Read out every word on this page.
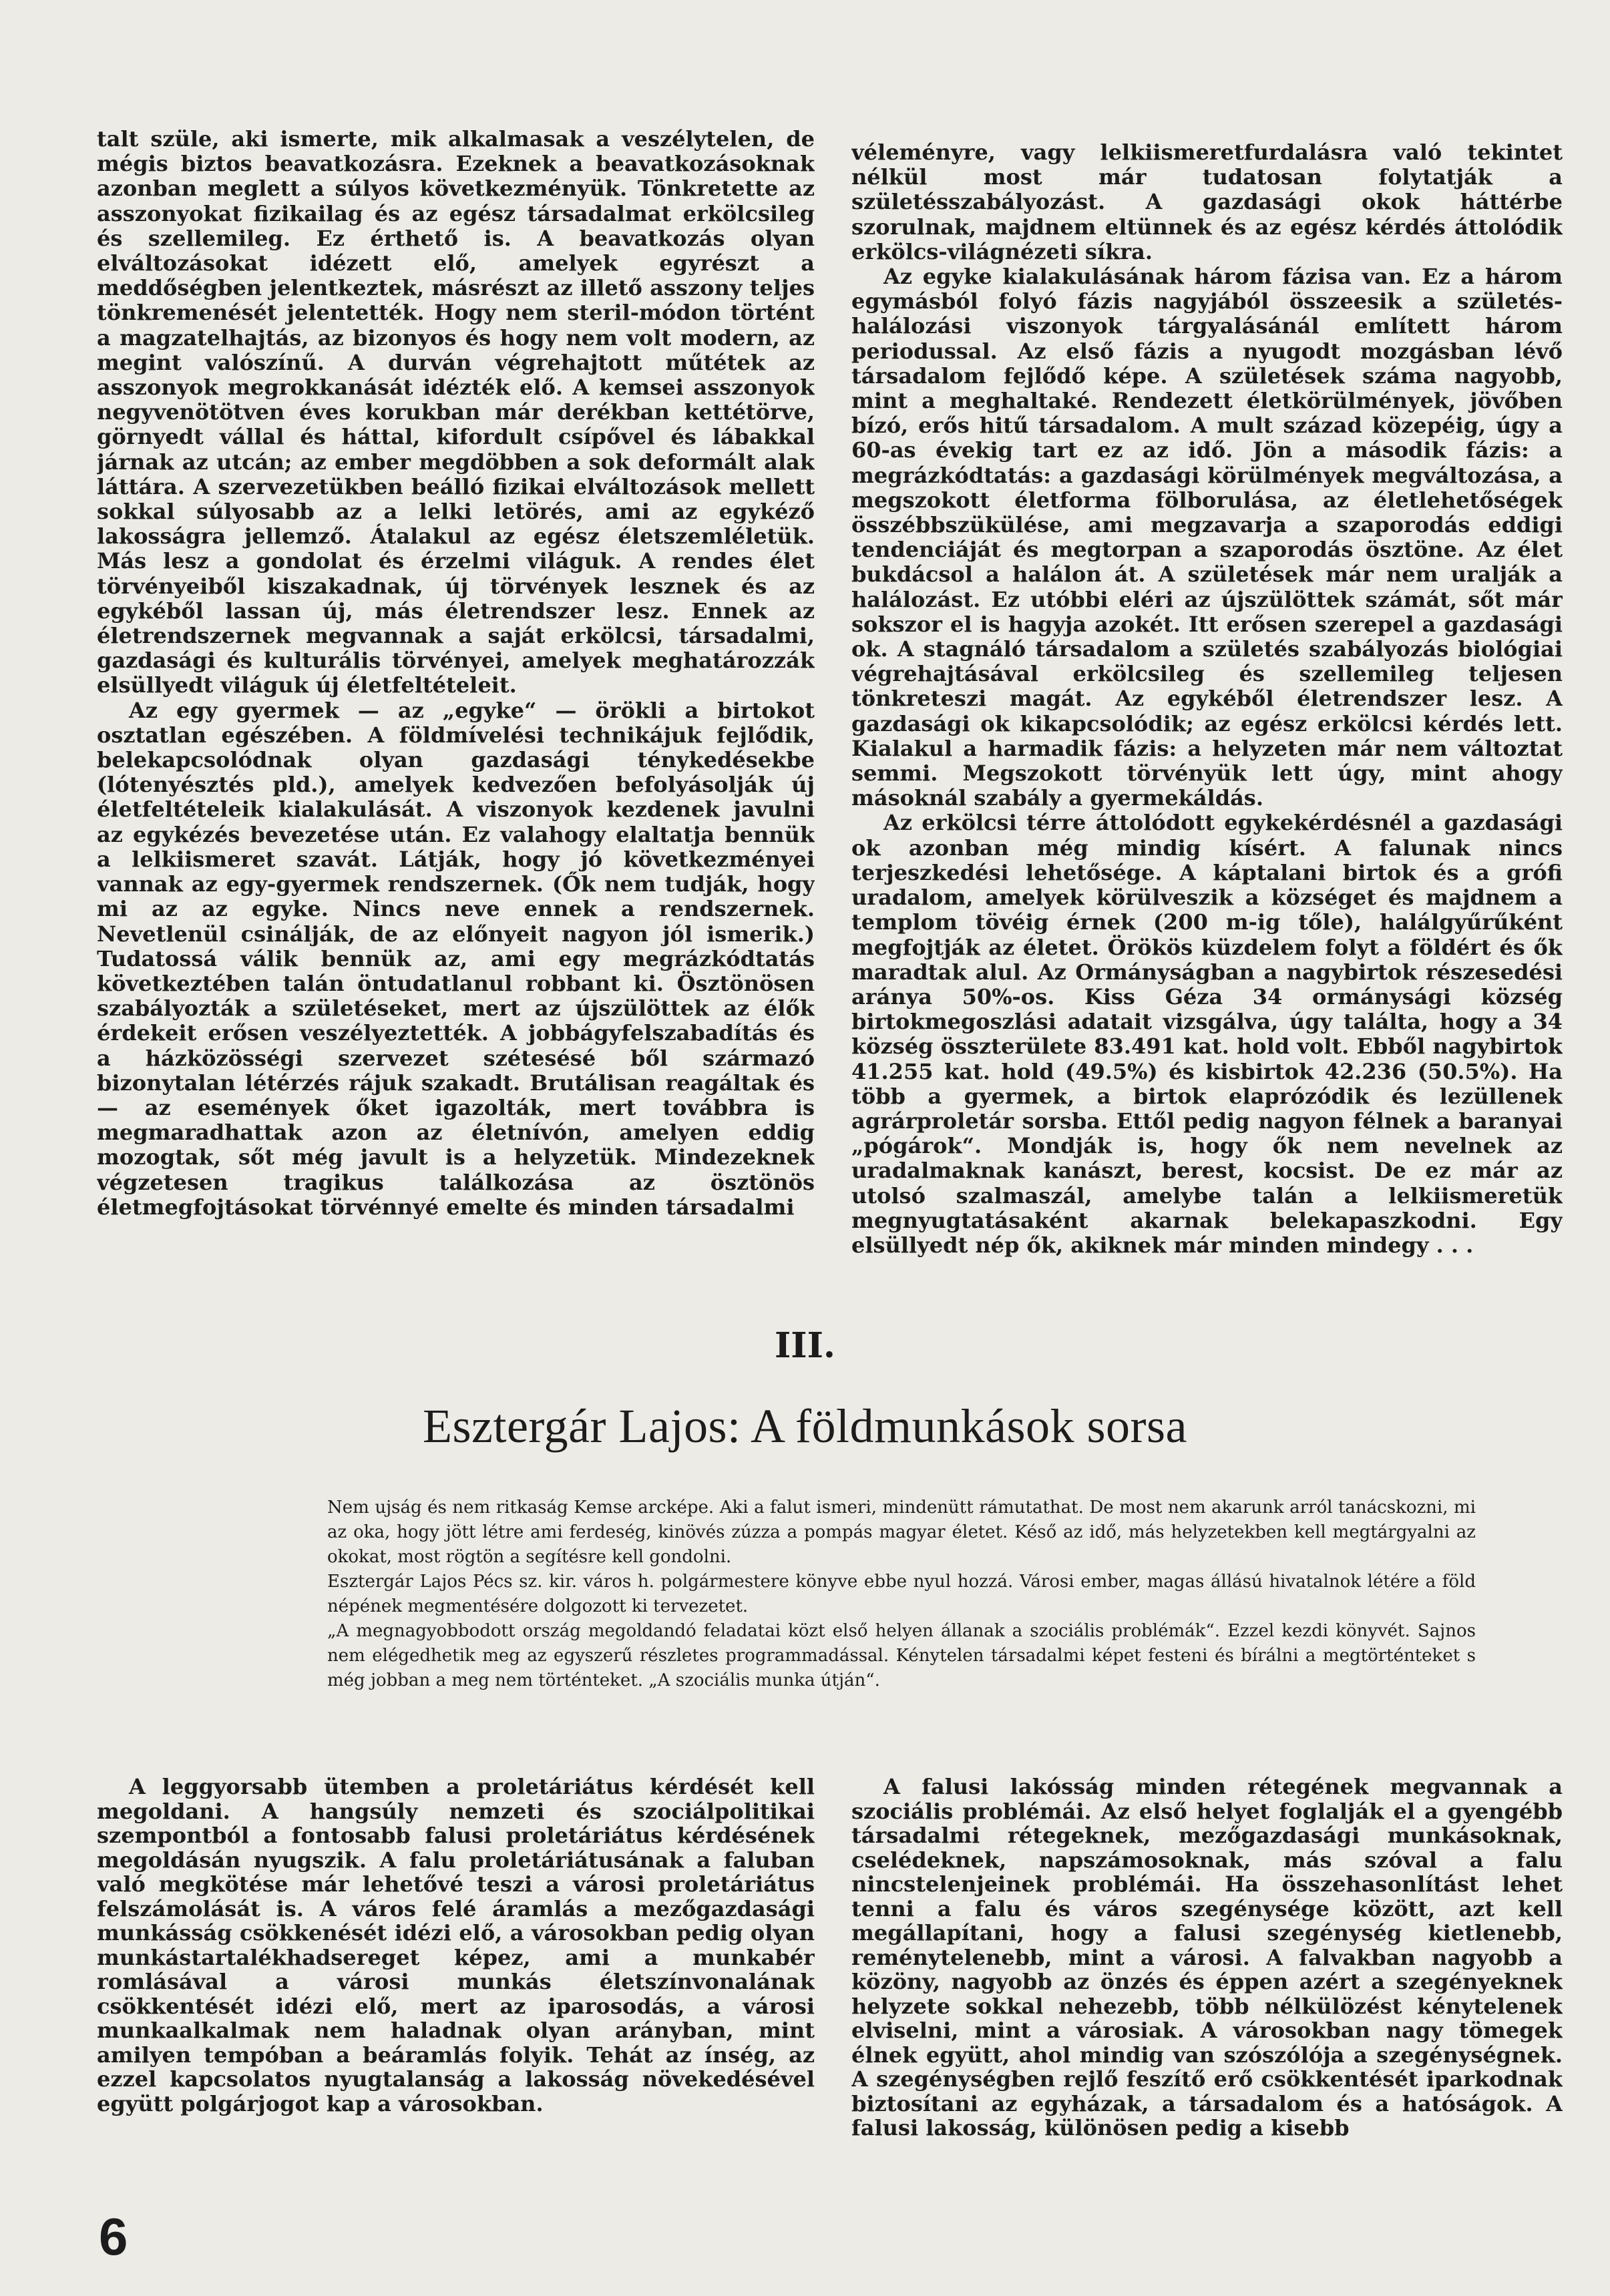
talt szüle, aki ismerte, mik alkalmasak a veszélytelen, de mégis biztos beavatkozásra. Ezeknek a beavatkozásoknak azonban meglett a súlyos következményük. Tönkretette az asszonyokat fizikailag és az egész társadalmat erkölcsileg és szellemileg. Ez érthető is. A beavatkozás olyan elváltozásokat idézett elő, amelyek egyrészt a meddőségben jelentkeztek, másrészt az illető asszony teljes tönkremenését jelentették. Hogy nem steril-módon történt a magzatelhajtás, az bizonyos és hogy nem volt modern, az megint valószínű. A durván végrehajtott műtétek az asszonyok megrokkanását idézték elő. A kemsei asszonyok negyvenötötven éves korukban már derékban kettétörve, görnyedt vállal és háttal, kifordult csípővel és lábakkal járnak az utcán; az ember megdöbben a sok deformált alak láttára. A szervezetükben beálló fizikai elváltozások mellett sokkal súlyosabb az a lelki letörés, ami az egykéző lakosságra jellemző. Átalakul az egész életszemléletük. Más lesz a gondolat és érzelmi világuk. A rendes élet törvényeiből kiszakadnak, új törvények lesznek és az egykéből lassan új, más életrendszer lesz. Ennek az életrendszernek megvannak a saját erkölcsi, társadalmi, gazdasági és kulturális törvényei, amelyek meghatározzák elsüllyedt világuk új életfeltételeit.

Az egy gyermek — az „egyke“ — örökli a birtokot osztatlan egészében. A földmívelési technikájuk fejlődik, belekapcsolódnak olyan gazdasági ténykedésekbe (lótenyésztés pld.), amelyek kedvezően befolyásolják új életfeltételeik kialakulását. A viszonyok kezdenek javulni az egykézés bevezetése után. Ez valahogy elaltatja bennük a lelkiismeret szavát. Látják, hogy jó következményei vannak az egy-gyermek rendszernek. (Ők nem tudják, hogy mi az az egyke. Nincs neve ennek a rendszernek. Nevetlenül csinálják, de az előnyeit nagyon jól ismerik.) Tudatossá válik bennük az, ami egy megrázkódtatás következtében talán öntudatlanul robbant ki. Ösztönösen szabályozták a születéseket, mert az újszülöttek az élők érdekeit erősen veszélyeztették. A jobbágyfelszabadítás és a házközösségi szervezet szétesésé ből származó bizonytalan létérzés rájuk szakadt. Brutálisan reagáltak és — az események őket igazolták, mert továbbra is megmaradhattak azon az életnívón, amelyen eddig mozogtak, sőt még javult is a helyzetük. Mindezeknek végzetesen tragikus találkozása az ösztönös életmegfojtásokat törvénnyé emelte és minden társadalmi

véleményre, vagy lelkiismeretfurdalásra való tekintet nélkül most már tudatosan folytatják a születésszabályozást. A gazdasági okok háttérbe szorulnak, majdnem eltünnek és az egész kérdés áttolódik erkölcs-világnézeti síkra.

Az egyke kialakulásának három fázisa van. Ez a három egymásból folyó fázis nagyjából összeesik a születés-halálozási viszonyok tárgyalásánál említett három periodussal. Az első fázis a nyugodt mozgásban lévő társadalom fejlődő képe. A születések száma nagyobb, mint a meghaltaké. Rendezett életkörülmények, jövőben bízó, erős hitű társadalom. A mult század közepéig, úgy a 60-as évekig tart ez az idő. Jön a második fázis: a megrázkódtatás: a gazdasági körülmények megváltozása, a megszokott életforma fölborulása, az életlehetőségek összébbszükülése, ami megzavarja a szaporodás eddigi tendenciáját és megtorpan a szaporodás ösztöne. Az élet bukdácsol a halálon át. A születések már nem uralják a halálozást. Ez utóbbi eléri az újszülöttek számát, sőt már sokszor el is hagyja azokét. Itt erősen szerepel a gazdasági ok. A stagnáló társadalom a születés szabályozás biológiai végrehajtásával erkölcsileg és szellemileg teljesen tönkreteszi magát. Az egykéből életrendszer lesz. A gazdasági ok kikapcsolódik; az egész erkölcsi kérdés lett. Kialakul a harmadik fázis: a helyzeten már nem változtat semmi. Megszokott törvényük lett úgy, mint ahogy másoknál szabály a gyermekáldás.

Az erkölcsi térre áttolódott egykekérdésnél a gazdasági ok azonban még mindig kísért. A falunak nincs terjeszkedési lehetősége. A káptalani birtok és a grófi uradalom, amelyek körülveszik a községet és majdnem a templom tövéig érnek (200 m-ig tőle), halálgyűrűként megfojtják az életet. Örökös küzdelem folyt a földért és ők maradtak alul. Az Ormányságban a nagybirtok részesedési aránya 50%-os. Kiss Géza 34 ormánysági község birtokmegoszlási adatait vizsgálva, úgy találta, hogy a 34 község összterülete 83.491 kat. hold volt. Ebből nagybirtok 41.255 kat. hold (49.5%) és kisbirtok 42.236 (50.5%). Ha több a gyermek, a birtok elaprózódik és lezüllenek agrárproletár sorsba. Ettől pedig nagyon félnek a baranyai „pógárok“. Mondják is, hogy ők nem nevelnek az uradalmaknak kanászt, berest, kocsist. De ez már az utolsó szalmaszál, amelybe talán a lelkiismeretük megnyugtatásaként akarnak belekapaszkodni. Egy elsüllyedt nép ők, akiknek már minden mindegy . . .

III.
Esztergár Lajos: A földmunkások sorsa

Nem ujság és nem ritkaság Kemse arcképe. Aki a falut ismeri, mindenütt rámutathat. De most nem akarunk arról tanácskozni, mi az oka, hogy jött létre ami ferdeség, kinövés zúzza a pompás magyar életet. Késő az idő, más helyzetekben kell megtárgyalni az okokat, most rögtön a segítésre kell gondolni.

Esztergár Lajos Pécs sz. kir. város h. polgármestere könyve ebbe nyul hozzá. Városi ember, magas állású hivatalnok létére a föld népének megmentésére dolgozott ki tervezetet.

„A megnagyobbodott ország megoldandó feladatai közt első helyen állanak a szociális problémák“. Ezzel kezdi könyvét. Sajnos nem elégedhetik meg az egyszerű részletes programmadással. Kénytelen társadalmi képet festeni és bírálni a megtörténteket s még jobban a meg nem történteket. „A szociális munka útján“.

A leggyorsabb ütemben a proletáriátus kérdését kell megoldani. A hangsúly nemzeti és szociálpolitikai szempontból a fontosabb falusi proletáriátus kérdésének megoldásán nyugszik. A falu proletáriátusának a faluban való megkötése már lehetővé teszi a városi proletáriátus felszámolását is. A város felé áramlás a mezőgazdasági munkásság csökkenését idézi elő, a városokban pedig olyan munkástartalékhadsereget képez, ami a munkabér romlásával a városi munkás életszínvonalának csökkentését idézi elő, mert az iparosodás, a városi munkaalkalmak nem haladnak olyan arányban, mint amilyen tempóban a beáramlás folyik. Tehát az ínség, az ezzel kapcsolatos nyugtalanság a lakosság növekedésével együtt polgárjogot kap a városokban.

A falusi lakósság minden rétegének megvannak a szociális problémái. Az első helyet foglalják el a gyengébb társadalmi rétegeknek, mezőgazdasági munkásoknak, cselédeknek, napszámosoknak, más szóval a falu nincstelenjeinek problémái. Ha összehasonlítást lehet tenni a falu és város szegénysége között, azt kell megállapítani, hogy a falusi szegénység kietlenebb, reménytelenebb, mint a városi. A falvakban nagyobb a közöny, nagyobb az önzés és éppen azért a szegényeknek helyzete sokkal nehezebb, több nélkülözést kénytelenek elviselni, mint a városiak. A városokban nagy tömegek élnek együtt, ahol mindig van szószólója a szegénységnek. A szegénységben rejlő feszítő erő csökkentését iparkodnak biztosítani az egyházak, a társadalom és a hatóságok. A falusi lakosság, különösen pedig a kisebb

6
